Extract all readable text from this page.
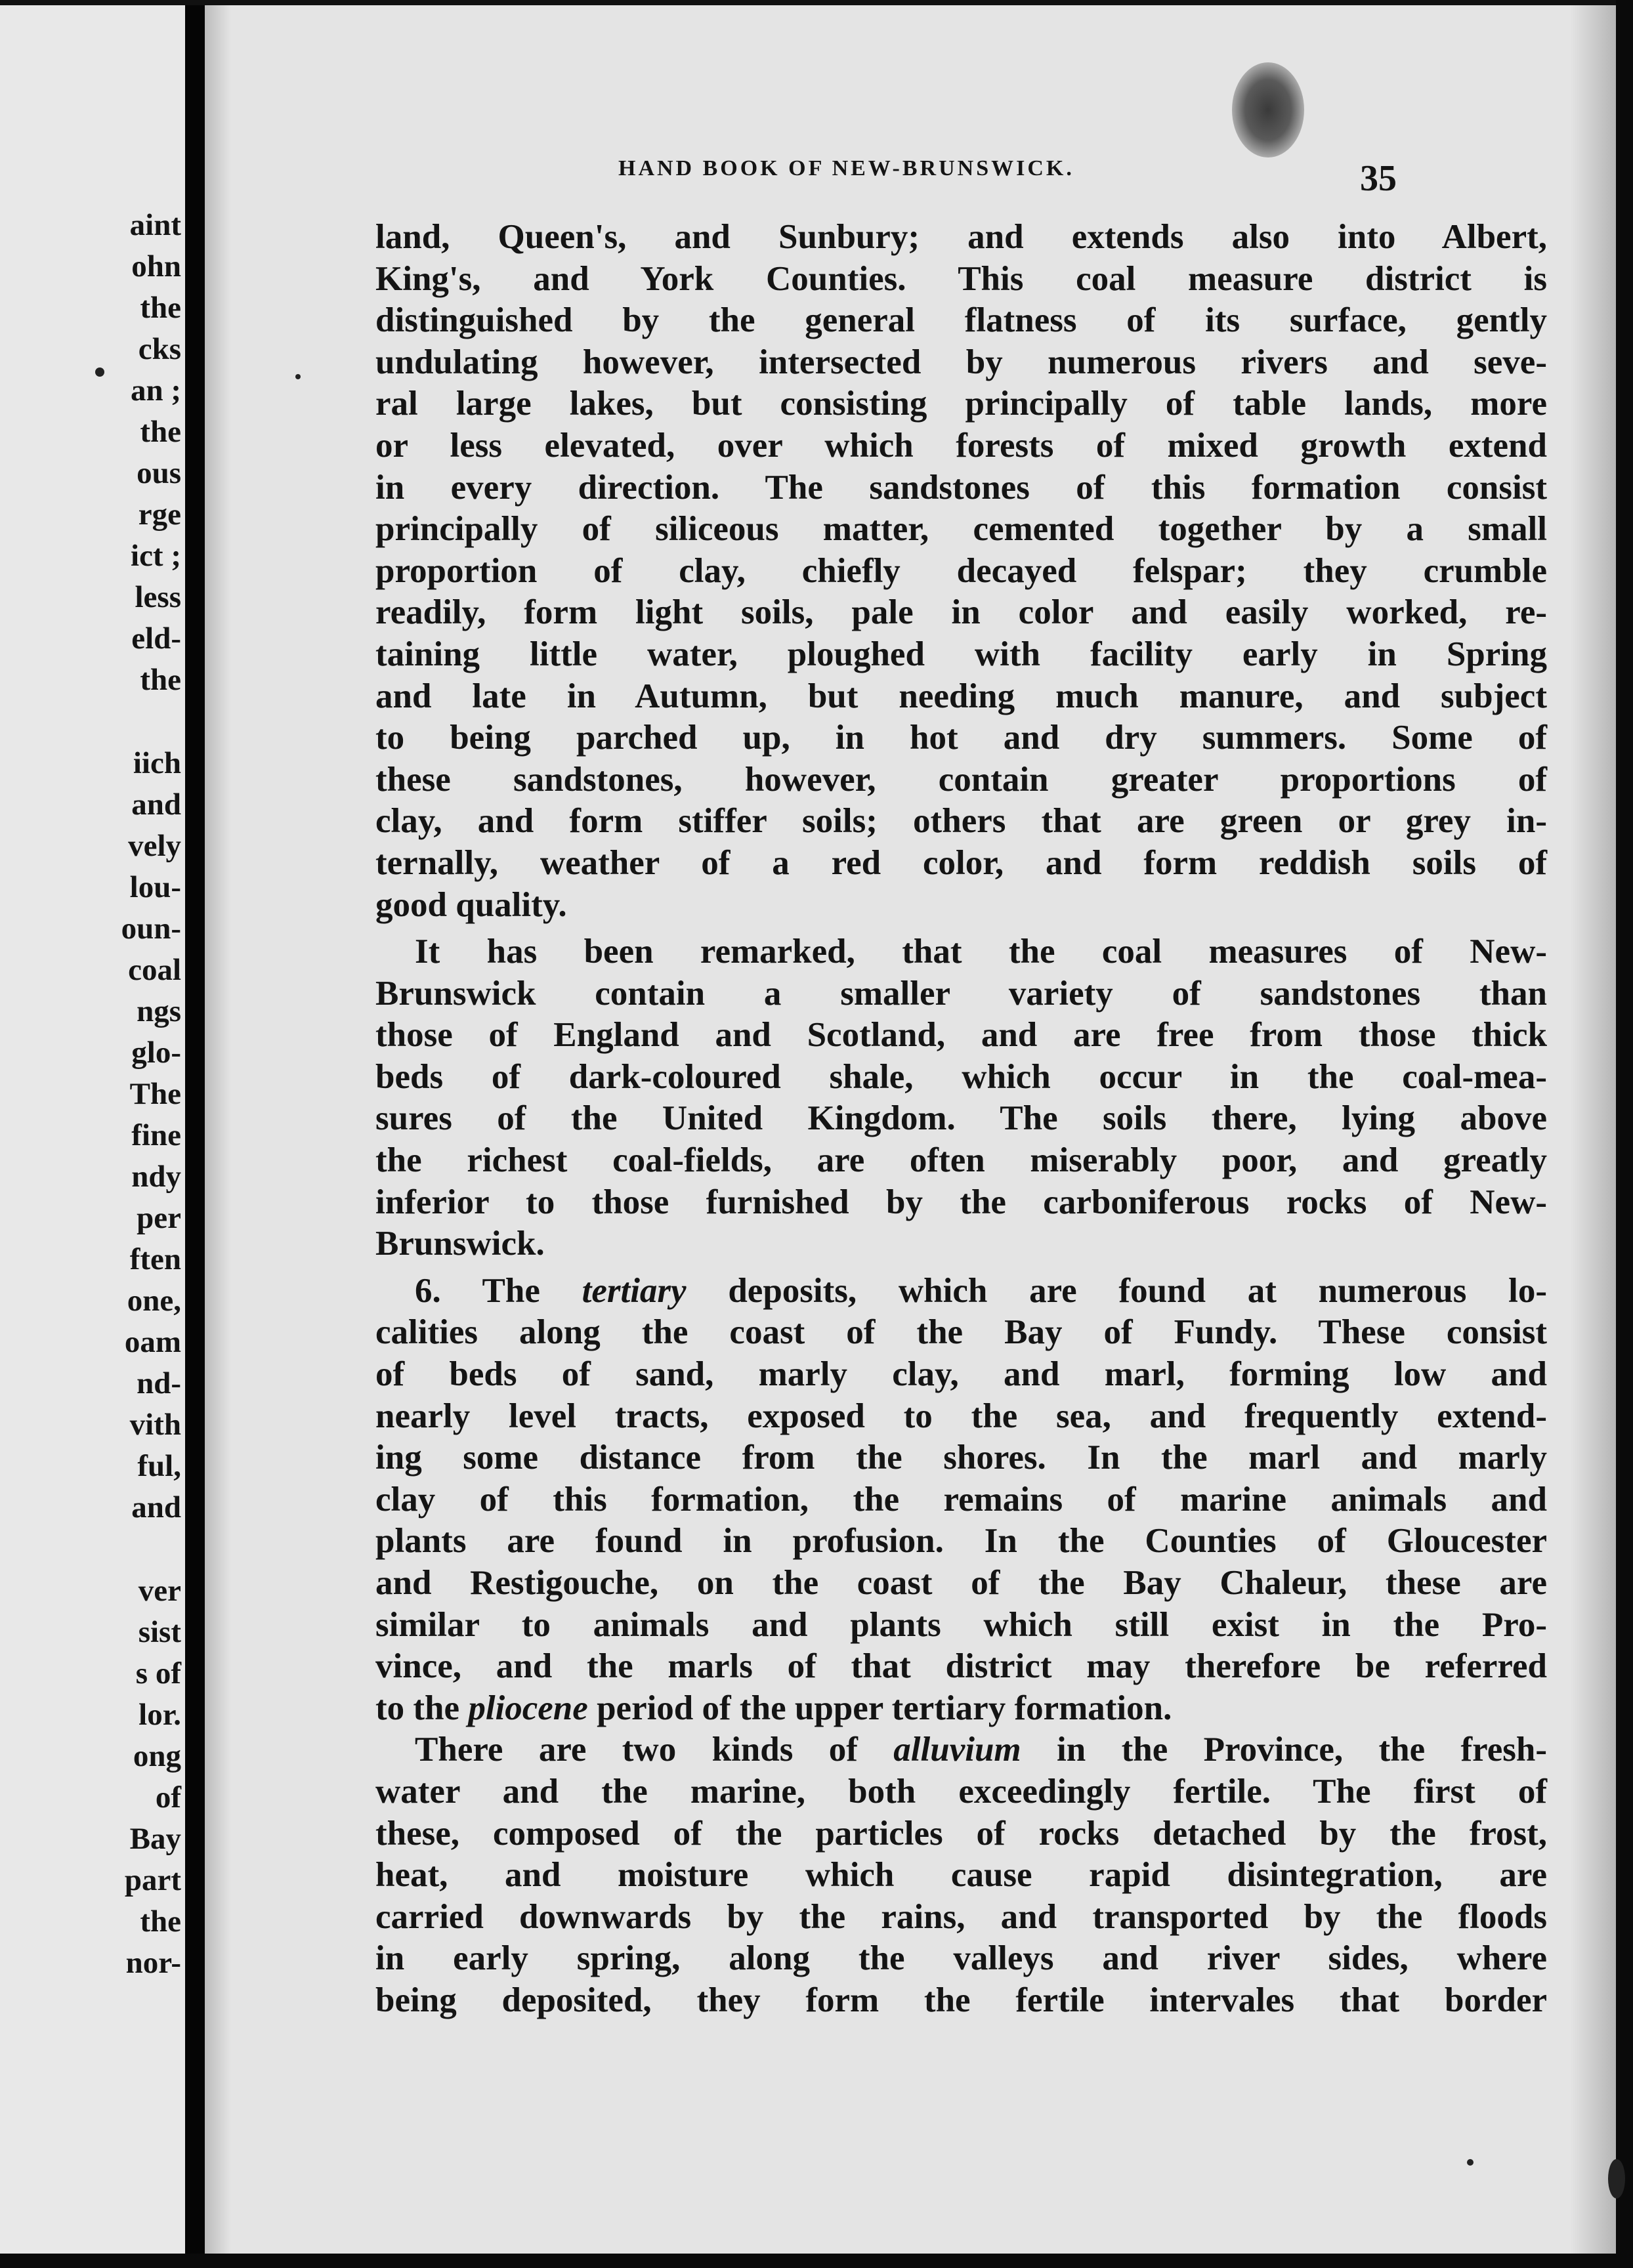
aint
ohn
the
cks
an ;
the
ous
rge
ict ;
less
eld-
the
iich
and
vely
lou-
oun-
coal
ngs
glo-
The
fine
ndy
per
ften
one,
oam
nd-
vith
ful,
and
ver
sist
s of
lor.
ong
of
Bay
part
the
nor-
HAND BOOK OF NEW-BRUNSWICK.	35
land, Queen's, and Sunbury; and extends also into Albert,
King's, and York Counties. This coal measure district is
distinguished by the general flatness of its surface, gently
undulating however, intersected by numerous rivers and seve-
ral large lakes, but consisting principally of table lands, more
or less elevated, over which forests of mixed growth extend
in every direction. The sandstones of this formation consist
principally of siliceous matter, cemented together by a small
proportion of clay, chiefly decayed felspar; they crumble
readily, form light soils, pale in color and easily worked, re-
taining little water, ploughed with facility early in Spring
and late in Autumn, but needing much manure, and subject
to being parched up, in hot and dry summers. Some of
these sandstones, however, contain greater proportions of
clay, and form stiffer soils; others that are green or grey in-
ternally, weather of a red color, and form reddish soils of
good quality.
It has been remarked, that the coal measures of New-
Brunswick contain a smaller variety of sandstones than
those of England and Scotland, and are free from those thick
beds of dark-coloured shale, which occur in the coal-mea-
sures of the United Kingdom. The soils there, lying above
the richest coal-fields, are often miserably poor, and greatly
inferior to those furnished by the carboniferous rocks of New-
Brunswick.
6. The tertiary deposits, which are found at numerous lo-
calities along the coast of the Bay of Fundy. These consist
of beds of sand, marly clay, and marl, forming low and
nearly level tracts, exposed to the sea, and frequently extend-
ing some distance from the shores. In the marl and marly
clay of this formation, the remains of marine animals and
plants are found in profusion. In the Counties of Gloucester
and Restigouche, on the coast of the Bay Chaleur, these are
similar to animals and plants which still exist in the Pro-
vince, and the marls of that district may therefore be referred
to the pliocene period of the upper tertiary formation.
There are two kinds of alluvium in the Province, the fresh-
water and the marine, both exceedingly fertile. The first of
these, composed of the particles of rocks detached by the frost,
heat, and moisture which cause rapid disintegration, are
carried downwards by the rains, and transported by the floods
in early spring, along the valleys and river sides, where
being deposited, they form the fertile intervales that border
